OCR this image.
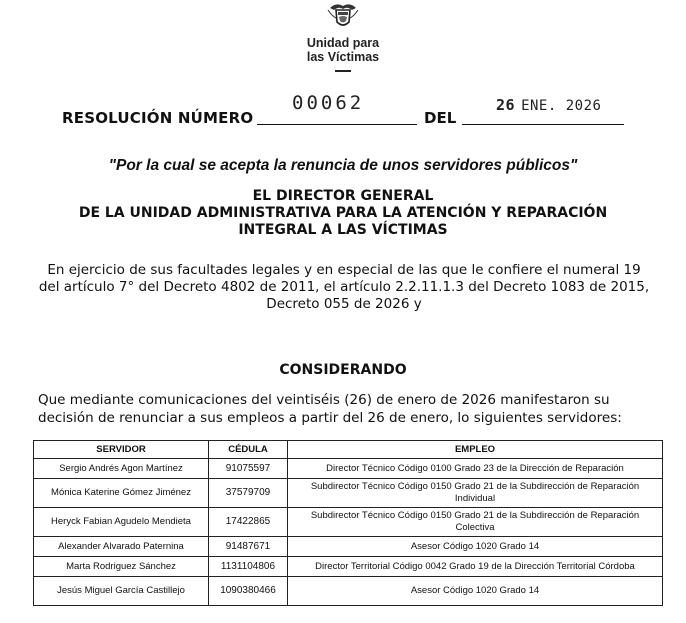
Unidad para
las Víctimas
RESOLUCIÓN NÚMERO
00062
DEL
26 ENE. 2026
"Por la cual se acepta la renuncia de unos servidores públicos"
EL DIRECTOR GENERAL
DE LA UNIDAD ADMINISTRATIVA PARA LA ATENCIÓN Y REPARACIÓN
INTEGRAL A LAS VÍCTIMAS
En ejercicio de sus facultades legales y en especial de las que le confiere el numeral 19 del artículo 7° del Decreto 4802 de 2011, el artículo 2.2.11.1.3 del Decreto 1083 de 2015, Decreto 055 de 2026 y
CONSIDERANDO
Que mediante comunicaciones del veintiséis (26) de enero de 2026 manifestaron su
decisión de renunciar a sus empleos a partir del 26 de enero, lo siguientes servidores:
SERVIDOR	CÉDULA	EMPLEO
Sergio Andrés Agon Martínez	91075597	Director Técnico Código 0100 Grado 23 de la Dirección de Reparación
Mónica Katerine Gómez Jiménez	37579709	Subdirector Técnico Código 0150 Grado 21 de la Subdirección de Reparación Individual
Heryck Fabian Agudelo Mendieta	17422865	Subdirector Técnico Código 0150 Grado 21 de la Subdirección de Reparación Colectiva
Alexander Alvarado Paternina	91487671	Asesor Código 1020 Grado 14
Marta Rodriguez Sánchez	1131104806	Director Territorial Código 0042 Grado 19 de la Dirección Territorial Córdoba
Jesús Miguel García Castillejo	1090380466	Asesor Código 1020 Grado 14
